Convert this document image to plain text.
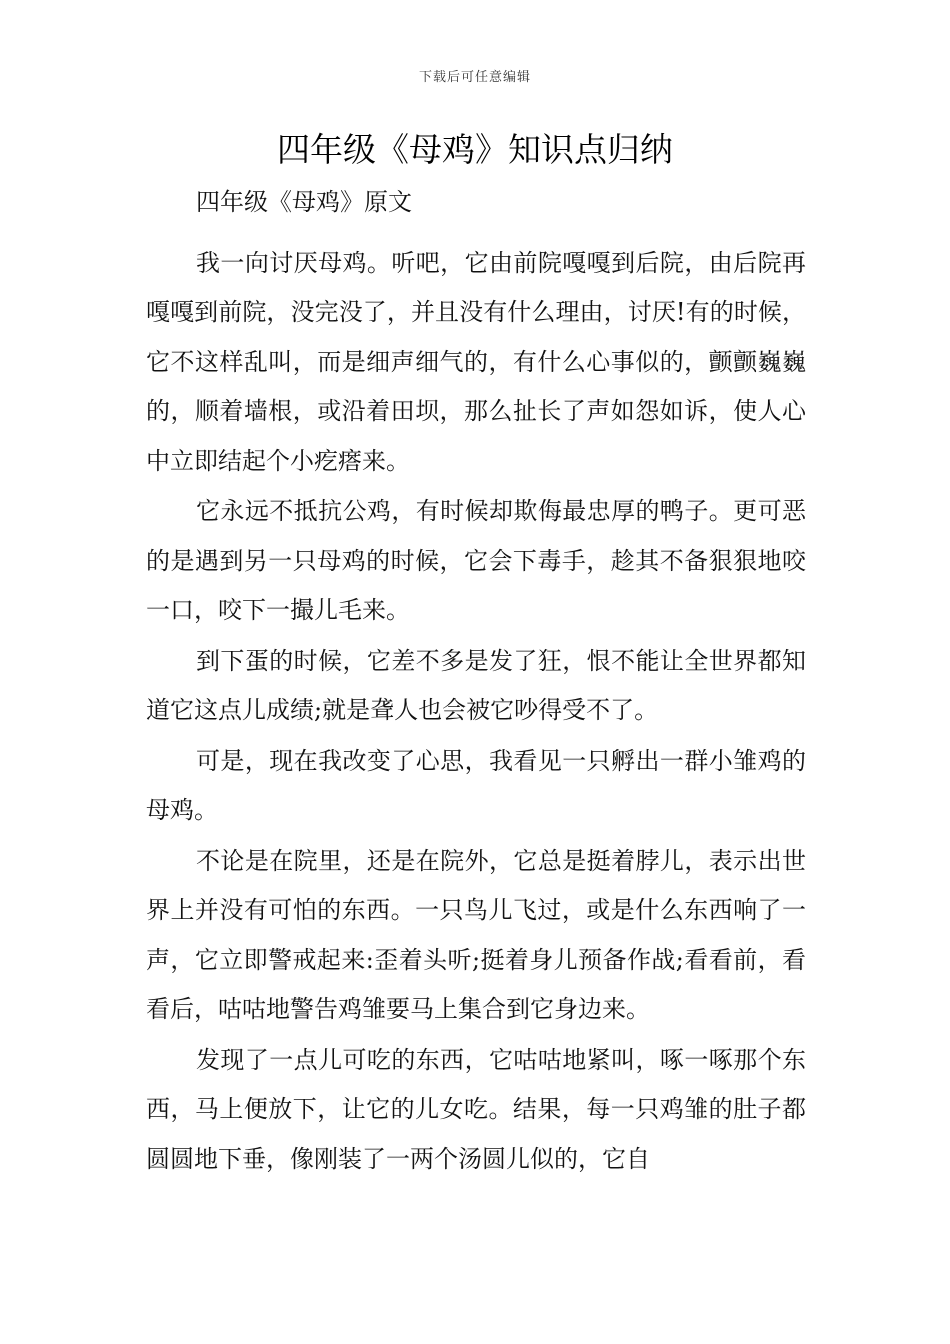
下载后可任意编辑
四年级《母鸡》知识点归纳

四年级《母鸡》原文

我一向讨厌母鸡。听吧，它由前院嘎嘎到后院，由后院再嘎嘎到前院，没完没了，并且没有什么理由，讨厌!有的时候，它不这样乱叫，而是细声细气的，有什么心事似的，颤颤巍巍的，顺着墙根，或沿着田坝，那么扯长了声如怨如诉，使人心中立即结起个小疙瘩来。

它永远不抵抗公鸡，有时候却欺侮最忠厚的鸭子。更可恶的是遇到另一只母鸡的时候，它会下毒手，趁其不备狠狠地咬一口，咬下一撮儿毛来。

到下蛋的时候，它差不多是发了狂，恨不能让全世界都知道它这点儿成绩;就是聋人也会被它吵得受不了。

可是，现在我改变了心思，我看见一只孵出一群小雏鸡的母鸡。

不论是在院里，还是在院外，它总是挺着脖儿，表示出世界上并没有可怕的东西。一只鸟儿飞过，或是什么东西响了一声，它立即警戒起来:歪着头听;挺着身儿预备作战;看看前，看看后，咕咕地警告鸡雏要马上集合到它身边来。

发现了一点儿可吃的东西，它咕咕地紧叫，啄一啄那个东西，马上便放下，让它的儿女吃。结果，每一只鸡雏的肚子都圆圆地下垂，像刚装了一两个汤圆儿似的，它自
